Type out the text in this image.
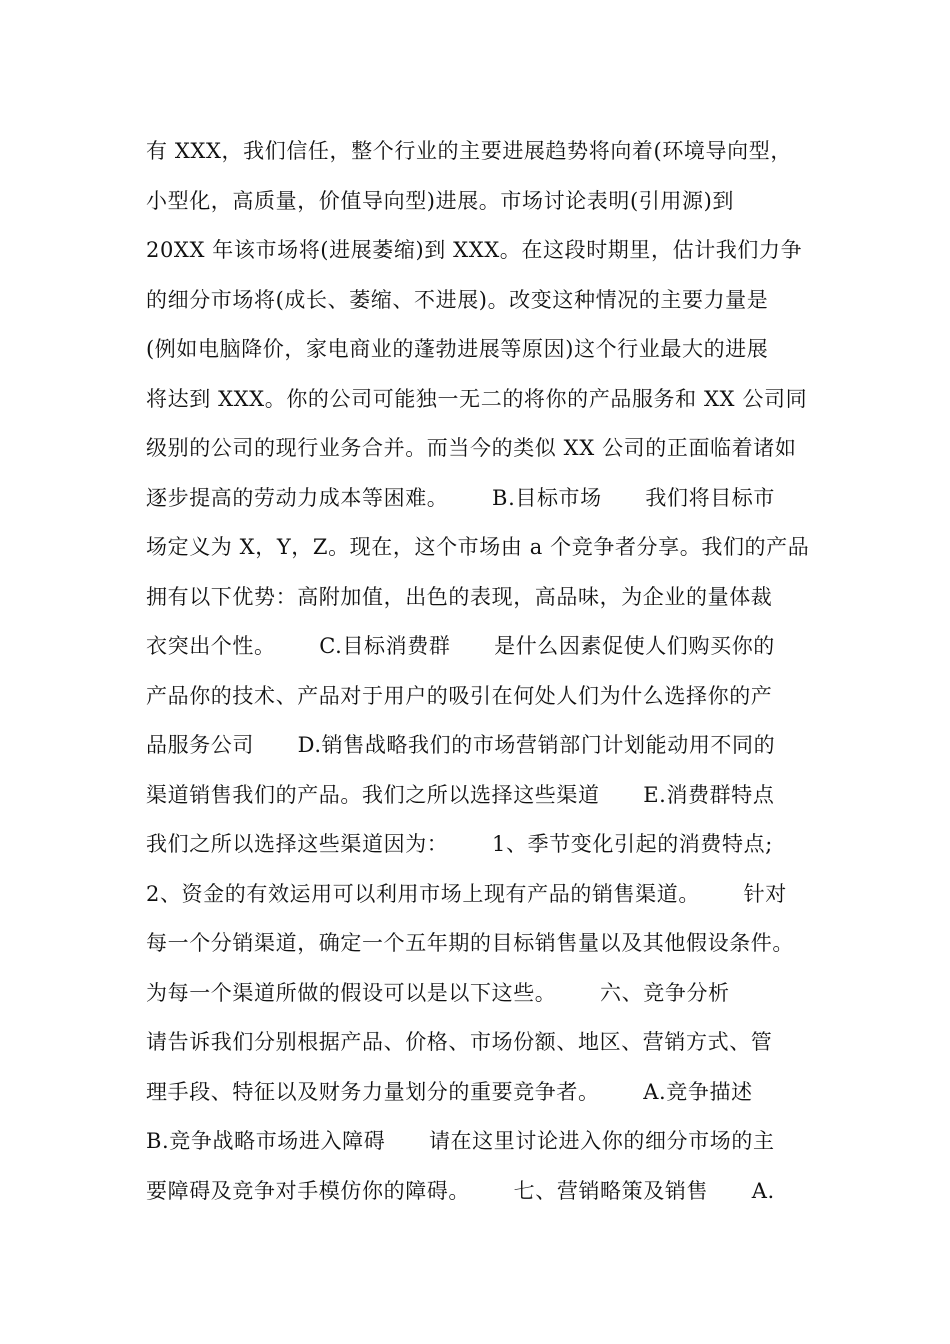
有 XXX，我们信任，整个行业的主要进展趋势将向着(环境导向型，
小型化，高质量，价值导向型)进展。市场讨论表明(引用源)到
20XX 年该市场将(进展萎缩)到 XXX。在这段时期里，估计我们力争
的细分市场将(成长、萎缩、不进展)。改变这种情况的主要力量是
(例如电脑降价，家电商业的蓬勃进展等原因)这个行业最大的进展
将达到 XXX。你的公司可能独一无二的将你的产品服务和 XX 公司同
级别的公司的现行业务合并。而当今的类似 XX 公司的正面临着诸如
逐步提高的劳动力成本等困难。      B.目标市场      我们将目标市
场定义为 X，Y，Z。现在，这个市场由 a 个竞争者分享。我们的产品
拥有以下优势：高附加值，出色的表现，高品味，为企业的量体裁
衣突出个性。      C.目标消费群      是什么因素促使人们购买你的
产品你的技术、产品对于用户的吸引在何处人们为什么选择你的产
品服务公司      D.销售战略我们的市场营销部门计划能动用不同的
渠道销售我们的产品。我们之所以选择这些渠道      E.消费群特点
我们之所以选择这些渠道因为：      1、季节变化引起的消费特点;
2、资金的有效运用可以利用市场上现有产品的销售渠道。      针对
每一个分销渠道，确定一个五年期的目标销售量以及其他假设条件。
为每一个渠道所做的假设可以是以下这些。      六、竞争分析
请告诉我们分别根据产品、价格、市场份额、地区、营销方式、管
理手段、特征以及财务力量划分的重要竞争者。      A.竞争描述
B.竞争战略市场进入障碍      请在这里讨论进入你的细分市场的主
要障碍及竞争对手模仿你的障碍。      七、营销略策及销售      A.
